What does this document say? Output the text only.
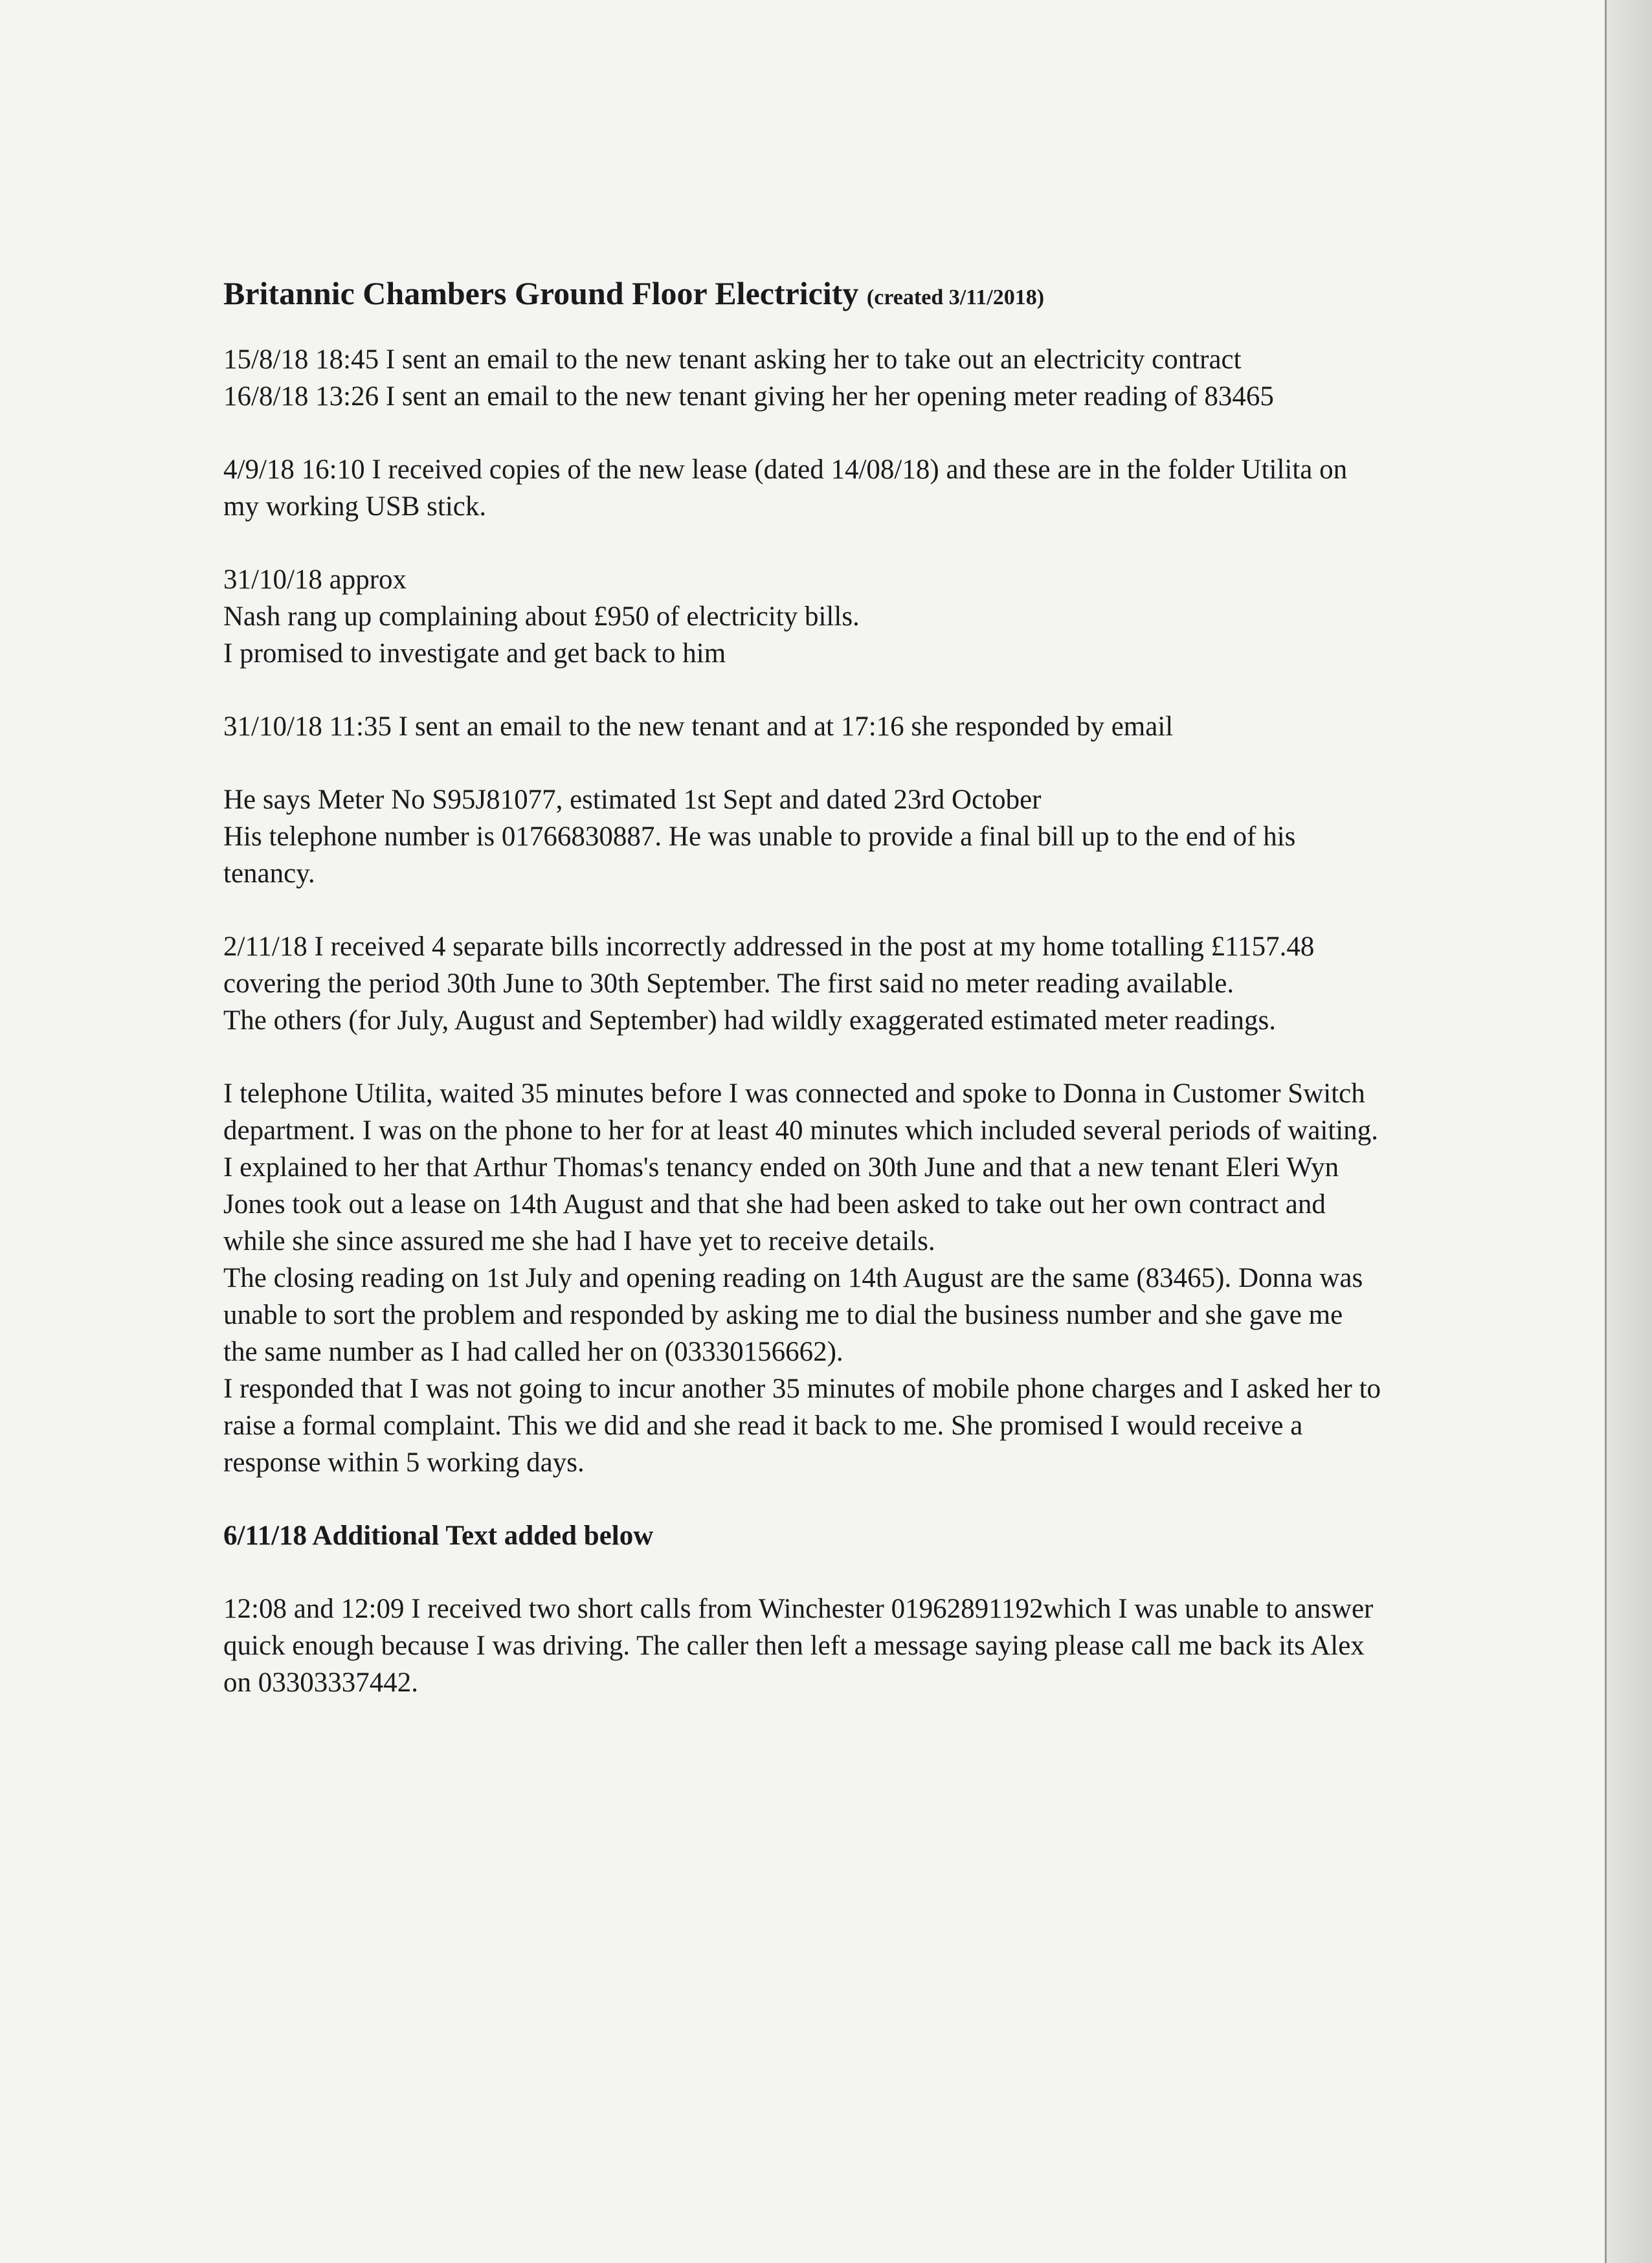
Britannic Chambers Ground Floor Electricity (created 3/11/2018)
15/8/18 18:45 I sent an email to the new tenant asking her to take out an electricity contract
16/8/18 13:26 I sent an email to the new tenant giving her her opening meter reading of 83465
4/9/18 16:10 I received copies of the new lease (dated 14/08/18) and these are in the folder Utilita on my working USB stick.
31/10/18 approx
Nash rang up complaining about £950 of electricity bills.
I promised to investigate and get back to him
31/10/18 11:35 I sent an email to the new tenant and at 17:16 she responded by email
He says Meter No S95J81077, estimated 1st Sept and dated 23rd October
His telephone number is 01766830887. He was unable to provide a final bill up to the end of his tenancy.
2/11/18 I received 4 separate bills incorrectly addressed in the post at my home totalling £1157.48 covering the period 30th June to 30th September. The first said no meter reading available.
The others (for July, August and September) had wildly exaggerated estimated meter readings.
I telephone Utilita, waited 35 minutes before I was connected and spoke to Donna in Customer Switch department. I was on the phone to her for at least 40 minutes which included several periods of waiting.
I explained to her that Arthur Thomas's tenancy ended on 30th June and that a new tenant Eleri Wyn Jones took out a lease on 14th August and that she had been asked to take out her own contract and while she since assured me she had I have yet to receive details.
The closing reading on 1st July and opening reading on 14th August are the same (83465). Donna was unable to sort the problem and responded by asking me to dial the business number and she gave me the same number as I had called her on (03330156662).
I responded that I was not going to incur another 35 minutes of mobile phone charges and I asked her to raise a formal complaint. This we did and she read it back to me. She promised I would receive a response within 5 working days.
6/11/18 Additional Text added below
12:08 and 12:09 I received two short calls from Winchester 01962891192which I was unable to answer quick enough because I was driving. The caller then left a message saying please call me back its Alex on 03303337442.
